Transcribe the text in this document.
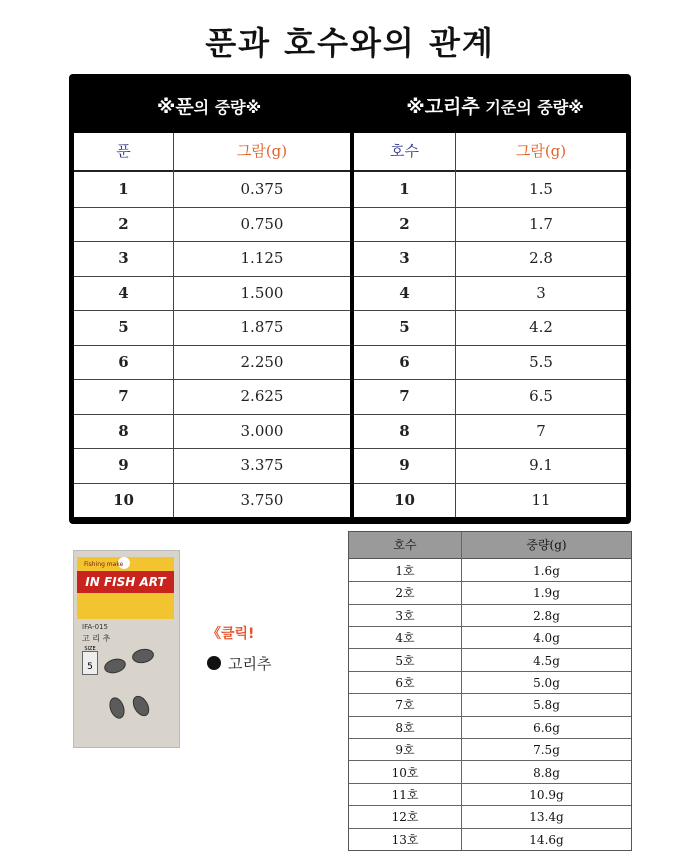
푼과 호수와의 관계
※푼의 중량※	※고리추 기준의 중량※
푼	그람(g)	호수	그람(g)
1	0.375	1	1.5
2	0.750	2	1.7
3	1.125	3	2.8
4	1.500	4	3
5	1.875	5	4.2
6	2.250	6	5.5
7	2.625	7	6.5
8	3.000	8	7
9	3.375	9	9.1
10	3.750	10	11
IN FISH ART
Fishing make
IFA-015
고 리 추
SIZE
5
《클릭!
고리추
호수	중량(g)
1호	1.6g
2호	1.9g
3호	2.8g
4호	4.0g
5호	4.5g
6호	5.0g
7호	5.8g
8호	6.6g
9호	7.5g
10호	8.8g
11호	10.9g
12호	13.4g
13호	14.6g
